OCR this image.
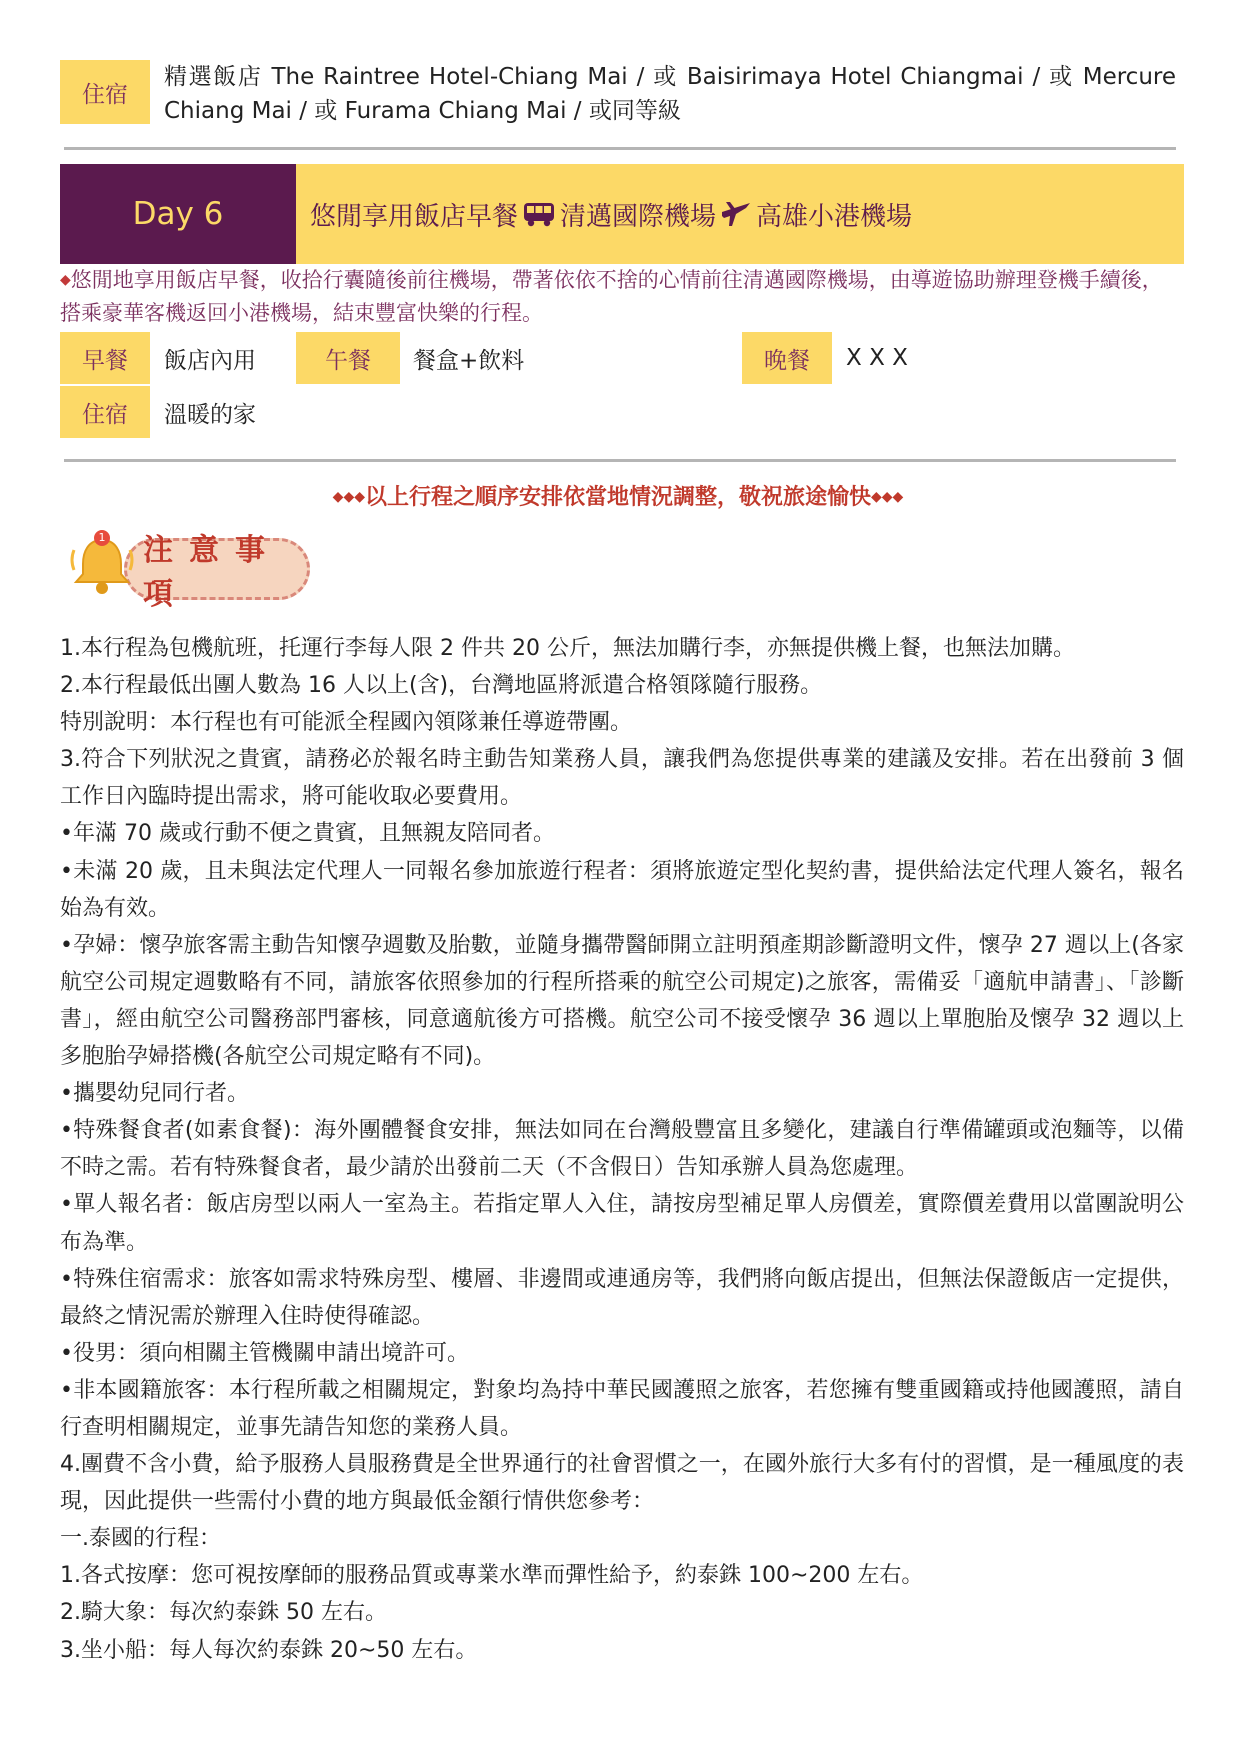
住宿
精選飯店 The Raintree Hotel-Chiang Mai / 或 Baisirimaya Hotel Chiangmai / 或 Mercure Chiang Mai / 或 Furama Chiang Mai / 或同等級
Day 6	悠閒享用飯店早餐 清邁國際機場 高雄小港機場
◆悠閒地享用飯店早餐，收拾行囊隨後前往機場，帶著依依不捨的心情前往清邁國際機場，由導遊協助辦理登機手續後，搭乘豪華客機返回小港機場，結束豐富快樂的行程。
早餐 飯店內用	午餐 餐盒+飲料	晚餐 X X X
住宿 溫暖的家
◆◆◆以上行程之順序安排依當地情況調整，敬祝旅途愉快◆◆◆
注意事項
1

1.本行程為包機航班，托運行李每人限 2 件共 20 公斤，無法加購行李，亦無提供機上餐，也無法加購。

2.本行程最低出團人數為 16 人以上(含)，台灣地區將派遣合格領隊隨行服務。

特別說明：本行程也有可能派全程國內領隊兼任導遊帶團。

3.符合下列狀況之貴賓，請務必於報名時主動告知業務人員，讓我們為您提供專業的建議及安排。若在出發前 3 個工作日內臨時提出需求，將可能收取必要費用。

•年滿 70 歲或行動不便之貴賓，且無親友陪同者。

•未滿 20 歲，且未與法定代理人一同報名參加旅遊行程者：須將旅遊定型化契約書，提供給法定代理人簽名，報名始為有效。

•孕婦：懷孕旅客需主動告知懷孕週數及胎數，並隨身攜帶醫師開立註明預產期診斷證明文件，懷孕 27 週以上(各家航空公司規定週數略有不同，請旅客依照參加的行程所搭乘的航空公司規定)之旅客，需備妥「適航申請書」、「診斷書」，經由航空公司醫務部門審核，同意適航後方可搭機。航空公司不接受懷孕 36 週以上單胞胎及懷孕 32 週以上多胞胎孕婦搭機(各航空公司規定略有不同)。

•攜嬰幼兒同行者。

•特殊餐食者(如素食餐)：海外團體餐食安排，無法如同在台灣般豐富且多變化，建議自行準備罐頭或泡麵等，以備不時之需。若有特殊餐食者，最少請於出發前二天（不含假日）告知承辦人員為您處理。

•單人報名者：飯店房型以兩人一室為主。若指定單人入住，請按房型補足單人房價差，實際價差費用以當團說明公布為準。

•特殊住宿需求：旅客如需求特殊房型、樓層、非邊間或連通房等，我們將向飯店提出，但無法保證飯店一定提供，最終之情況需於辦理入住時使得確認。

•役男：須向相關主管機關申請出境許可。

•非本國籍旅客：本行程所載之相關規定，對象均為持中華民國護照之旅客，若您擁有雙重國籍或持他國護照，請自行查明相關規定，並事先請告知您的業務人員。

4.團費不含小費，給予服務人員服務費是全世界通行的社會習慣之一，在國外旅行大多有付的習慣，是一種風度的表現，因此提供一些需付小費的地方與最低金額行情供您參考：

一.泰國的行程：

1.各式按摩：您可視按摩師的服務品質或專業水準而彈性給予，約泰銖 100~200 左右。

2.騎大象：每次約泰銖 50 左右。

3.坐小船：每人每次約泰銖 20~50 左右。
